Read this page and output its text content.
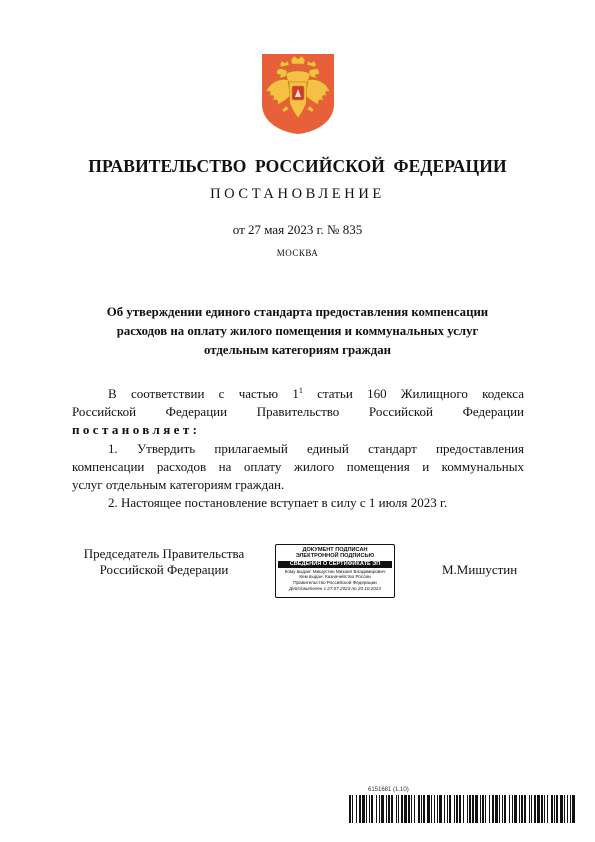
ПРАВИТЕЛЬСТВО РОССИЙСКОЙ ФЕДЕРАЦИИ
ПОСТАНОВЛЕНИЕ
от 27 мая 2023 г. № 835
МОСКВА
Об утверждении единого стандарта предоставления компенсации
расходов на оплату жилого помещения и коммунальных услуг
отдельным категориям граждан
В соответствии с частью $1^1$ статьи 160 Жилищного кодекса
Российской Федерации Правительство Российской Федерации
постановляет:
1. Утвердить прилагаемый единый стандарт предоставления
компенсации расходов на оплату жилого помещения и коммунальных
услуг отдельным категориям граждан.
2. Настоящее постановление вступает в силу с 1 июля 2023 г.
Председатель Правительства
Российской Федерации
ДОКУМЕНТ ПОДПИСАН
ЭЛЕКТРОННОЙ ПОДПИСЬЮ
СВЕДЕНИЯ О СЕРТИФИКАТЕ ЭП
Кому выдан: Мишустин Михаил Владимирович
Кем выдан: Казначейство России
Правительство Российской Федерации
Действителен с 27.07.2023 по 20.10.2024
М.Мишустин
6151681 (1.10)
